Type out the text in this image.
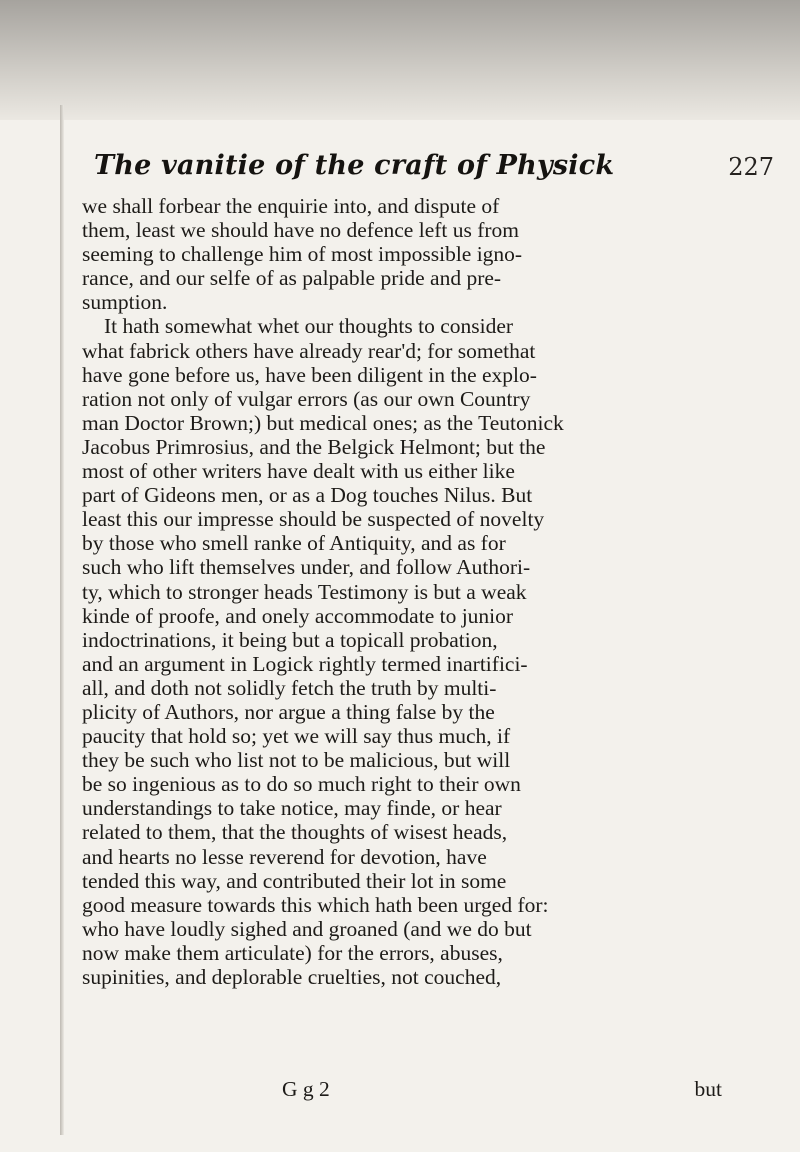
The vanitie of the craft of Physick	227
we shall forbear the enquirie into, and dispute of
them, least we should have no defence left us from
seeming to challenge him of most impossible igno-
rance, and our selfe of as palpable pride and pre-
sumption.
It hath somewhat whet our thoughts to consider
what fabrick others have already rear'd; for somethat
have gone before us, have been diligent in the explo-
ration not only of vulgar errors (as our own Country
man Doctor Brown;) but medical ones; as the Teutonick
Jacobus Primrosius, and the Belgick Helmont; but the
most of other writers have dealt with us either like
part of Gideons men, or as a Dog touches Nilus. But
least this our impresse should be suspected of novelty
by those who smell ranke of Antiquity, and as for
such who lift themselves under, and follow Authori-
ty, which to stronger heads Testimony is but a weak
kinde of proofe, and onely accommodate to junior
indoctrinations, it being but a topicall probation,
and an argument in Logick rightly termed inartifici-
all, and doth not solidly fetch the truth by multi-
plicity of Authors, nor argue a thing false by the
paucity that hold so; yet we will say thus much, if
they be such who list not to be malicious, but will
be so ingenious as to do so much right to their own
understandings to take notice, may finde, or hear
related to them, that the thoughts of wisest heads,
and hearts no lesse reverend for devotion, have
tended this way, and contributed their lot in some
good measure towards this which hath been urged for:
who have loudly sighed and groaned (and we do but
now make them articulate) for the errors, abuses,
supinities, and deplorable cruelties, not couched,
G g 2	but
